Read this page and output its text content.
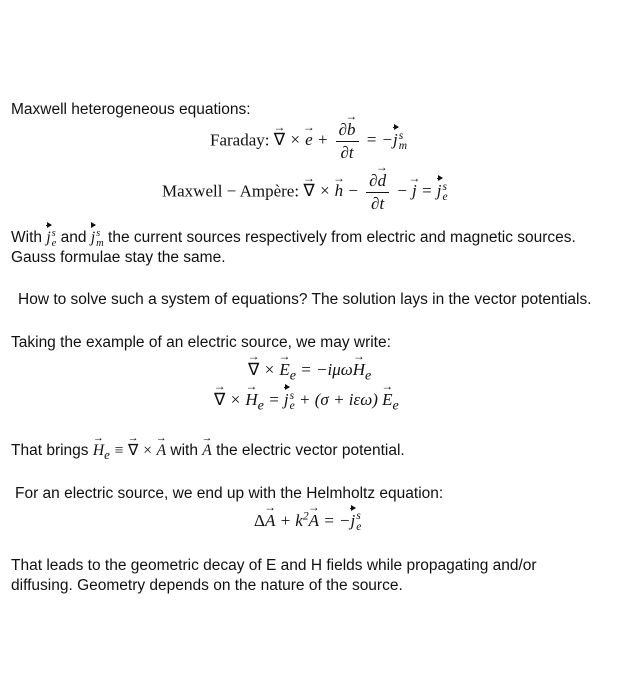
Maxwell heterogeneous equations:
Faraday: → ∇ × → $e + \frac{\partial\to b}{\partial t} = -j$ s
m
Maxwell − Ampère: → ∇ × → $h - \frac{\partial\to d}{\partial t}$ − → j = j s
e
With j s
e and j s
m the current sources respectively from electric and magnetic sources.
Gauss formulae stay the same.
How to solve such a system of equations? The solution lays in the vector potentials.
Taking the example of an electric source, we may write:
→ ∇ × → $E_e = -i\mu\omega\to H_e$
→ ∇ × → $H_e = j$ s
$e + (\sigma + i\varepsilon\omega) \to E_e$
That brings → $H_e$ ≡ → ∇ × → A with → A the electric vector potential.
For an electric source, we end up with the Helmholtz equation:
$\Delta\to A + k^2\to A = -j$ s
e
That leads to the geometric decay of E and H fields while propagating and/or
diffusing. Geometry depends on the nature of the source.
